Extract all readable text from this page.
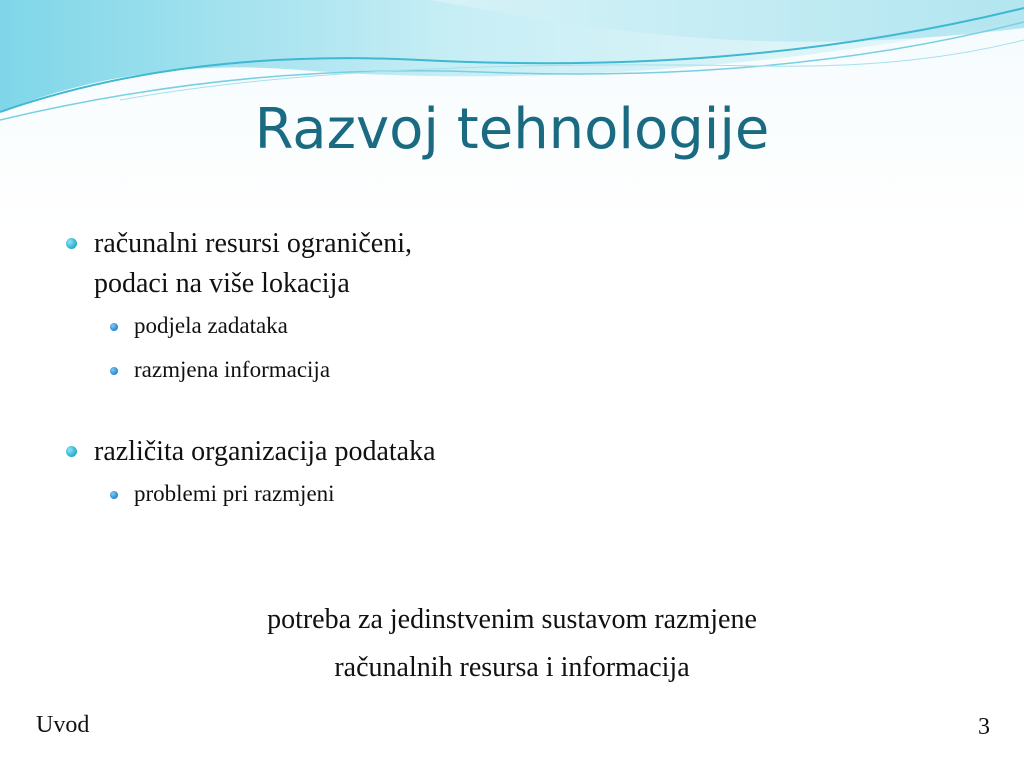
Razvoj tehnologije
računalni resursi ograničeni,
podaci na više lokacija
podjela zadataka
razmjena informacija
različita organizacija podataka
problemi pri razmjeni
potreba za jedinstvenim sustavom razmjene
računalnih resursa i informacija
Uvod	3
